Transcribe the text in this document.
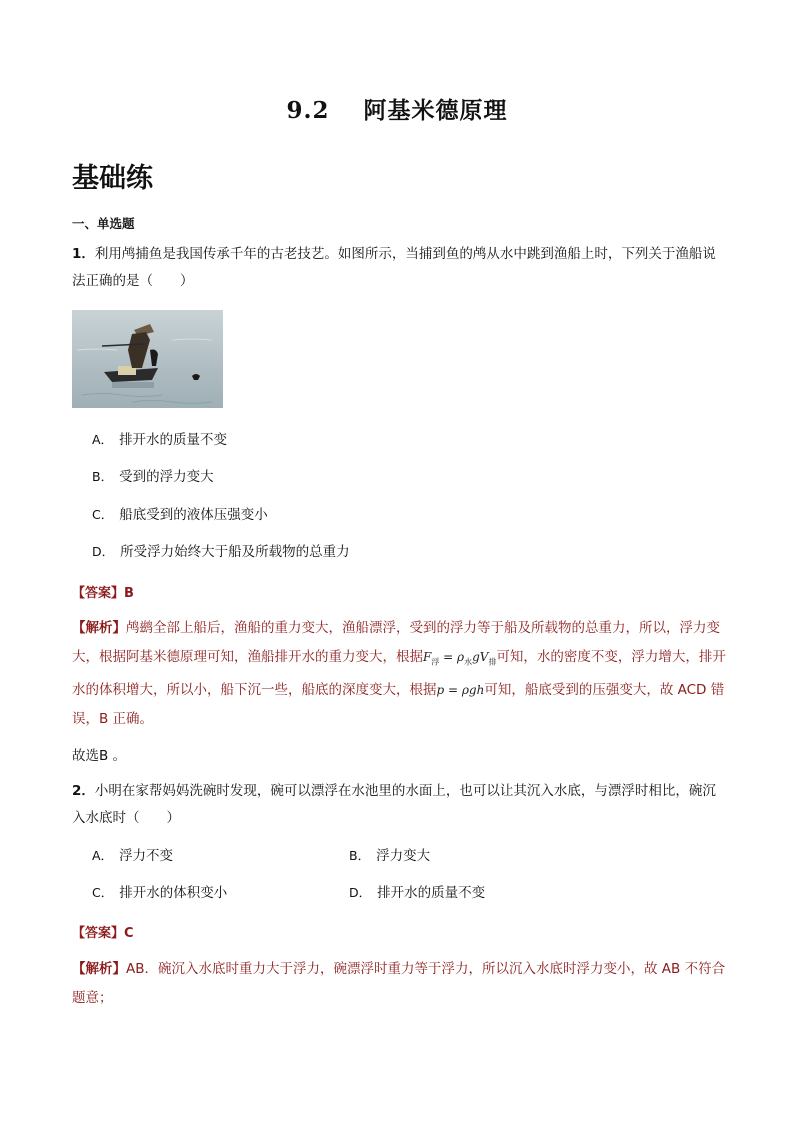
9.2 阿基米德原理
基础练
一、单选题
1．利用鸬捕鱼是我国传承千年的古老技艺。如图所示，当捕到鱼的鸬从水中跳到渔船上时，下列关于渔船说法正确的是（　　）
A． 排开水的质量不变
B． 受到的浮力变大
C． 船底受到的液体压强变小
D． 所受浮力始终大于船及所载物的总重力
【答案】B
【解析】鸬鹚全部上船后，渔船的重力变大，渔船漂浮，受到的浮力等于船及所载物的总重力，所以，浮力变大，根据阿基米德原理可知，渔船排开水的重力变大，根据$F_浮 = \rho_水gV_排$可知，水的密度不变，浮力增大，排开水的体积增大，所以小，船下沉一些，船底的深度变大，根据p = ρgh可知，船底受到的压强变大，故 ACD 错误，B 正确。
故选B 。
2．小明在家帮妈妈洗碗时发现，碗可以漂浮在水池里的水面上，也可以让其沉入水底，与漂浮时相比，碗沉入水底时（　　）
A． 浮力不变	B． 浮力变大
C． 排开水的体积变小	D． 排开水的质量不变
【答案】C
【解析】AB．碗沉入水底时重力大于浮力，碗漂浮时重力等于浮力，所以沉入水底时浮力变小，故 AB 不符合题意；
